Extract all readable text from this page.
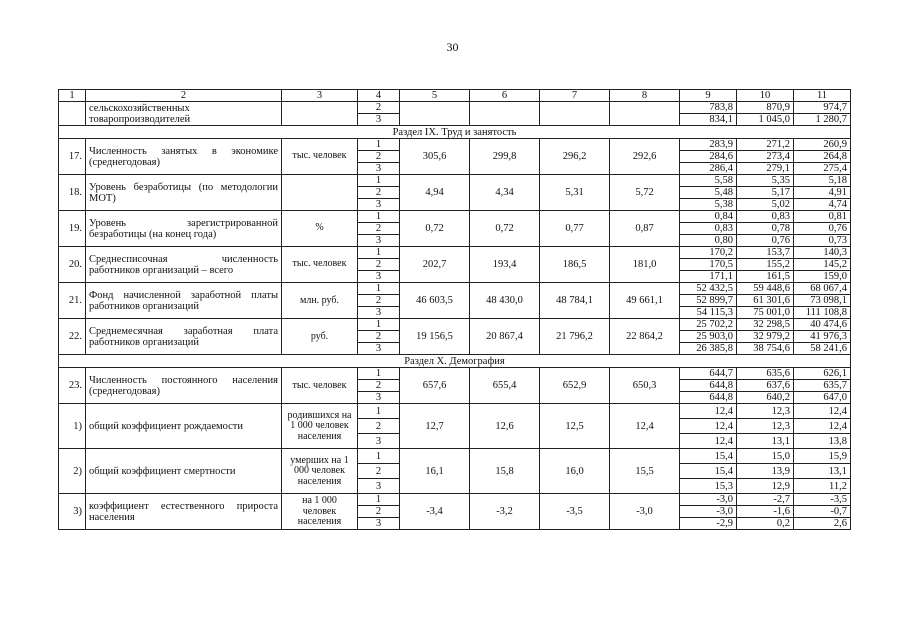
30
1	2	3	4	5	6	7	8	9	10	11
	сельскохозяйственных товаропроизводителей		2					783,8	870,9	974,7
			3					834,1	1 045,0	1 280,7
Раздел IX. Труд и занятость										
17.	Численность занятых в экономике (среднегодовая)	тыс. человек	1	305,6	299,8	296,2	292,6	283,9	271,2	260,9
			2					284,6	273,4	264,8
			3					286,4	279,1	275,4
18.	Уровень безработицы (по методологии МОТ)		1	4,94	4,34	5,31	5,72	5,58	5,35	5,18
			2					5,48	5,17	4,91
			3					5,38	5,02	4,74
19.	Уровень зарегистрированной безработицы (на конец года)	%	1	0,72	0,72	0,77	0,87	0,84	0,83	0,81
			2					0,83	0,78	0,76
			3					0,80	0,76	0,73
20.	Среднесписочная численность работников организаций – всего	тыс. человек	1	202,7	193,4	186,5	181,0	170,2	153,7	140,3
			2					170,5	155,2	145,2
			3					171,1	161,5	159,0
21.	Фонд начисленной заработной платы работников организаций	млн. руб.	1	46 603,5	48 430,0	48 784,1	49 661,1	52 432,5	59 448,6	68 067,4
			2					52 899,7	61 301,6	73 098,1
			3					54 115,3	75 001,0	111 108,8
22.	Среднемесячная заработная плата работников организаций	руб.	1	19 156,5	20 867,4	21 796,2	22 864,2	25 702,2	32 298,5	40 474,6
			2					25 903,0	32 979,2	41 976,3
			3					26 385,8	38 754,6	58 241,6
Раздел X. Демография										
23.	Численность постоянного населения (среднегодовая)	тыс. человек	1	657,6	655,4	652,9	650,3	644,7	635,6	626,1
			2					644,8	637,6	635,7
			3					644,8	640,2	647,0
1)	общий коэффициент рождаемости	родившихся на 1 000 человек населения	1	12,7	12,6	12,5	12,4	12,4	12,3	12,4
			2					12,4	12,3	12,4
			3					12,4	13,1	13,8
2)	общий коэффициент смертности	умерших на 1 000 человек населения	1	16,1	15,8	16,0	15,5	15,4	15,0	15,9
			2					15,4	13,9	13,1
			3					15,3	12,9	11,2
3)	коэффициент естественного прироста населения	на 1 000 человек населения	1	-3,4	-3,2	-3,5	-3,0	-3,0	-2,7	-3,5
			2					-3,0	-1,6	-0,7
			3					-2,9	0,2	2,6
